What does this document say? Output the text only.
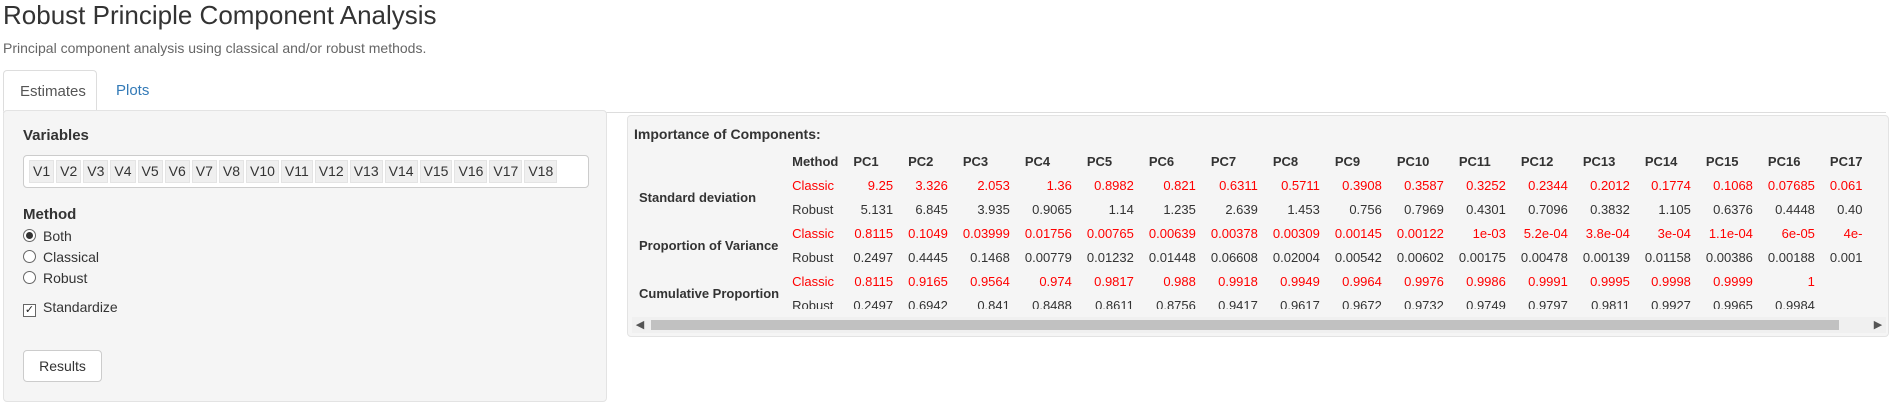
Robust Principle Component Analysis
Principal component analysis using classical and/or robust methods.
Estimates	Plots
Variables
V1 V2 V3 V4 V5 V6 V7 V8 V10 V11 V12 V13 V14 V15 V16 V17 V18
Method
Both
Classical
Robust
✓ Standardize
Results
Importance of Components:
	Method	PC1	PC2	PC3	PC4	PC5	PC6	PC7	PC8	PC9	PC10	PC11	PC12	PC13	PC14	PC15	PC16	PC17
Standard deviation	Classic	9.25	3.326	2.053	1.36	0.8982	0.821	0.6311	0.5711	0.3908	0.3587	0.3252	0.2344	0.2012	0.1774	0.1068	0.07685	0.061
	Robust	5.131	6.845	3.935	0.9065	1.14	1.235	2.639	1.453	0.756	0.7969	0.4301	0.7096	0.3832	1.105	0.6376	0.4448	0.40
Proportion of Variance	Classic	0.8115	0.1049	0.03999	0.01756	0.00765	0.00639	0.00378	0.00309	0.00145	0.00122	1e-03	5.2e-04	3.8e-04	3e-04	1.1e-04	6e-05	4e-
	Robust	0.2497	0.4445	0.1468	0.00779	0.01232	0.01448	0.06608	0.02004	0.00542	0.00602	0.00175	0.00478	0.00139	0.01158	0.00386	0.00188	0.001
Cumulative Proportion	Classic	0.8115	0.9165	0.9564	0.974	0.9817	0.988	0.9918	0.9949	0.9964	0.9976	0.9986	0.9991	0.9995	0.9998	0.9999	1	
	Robust	0.2497	0.6942	0.841	0.8488	0.8611	0.8756	0.9417	0.9617	0.9672	0.9732	0.9749	0.9797	0.9811	0.9927	0.9965	0.9984	
◀	▶
